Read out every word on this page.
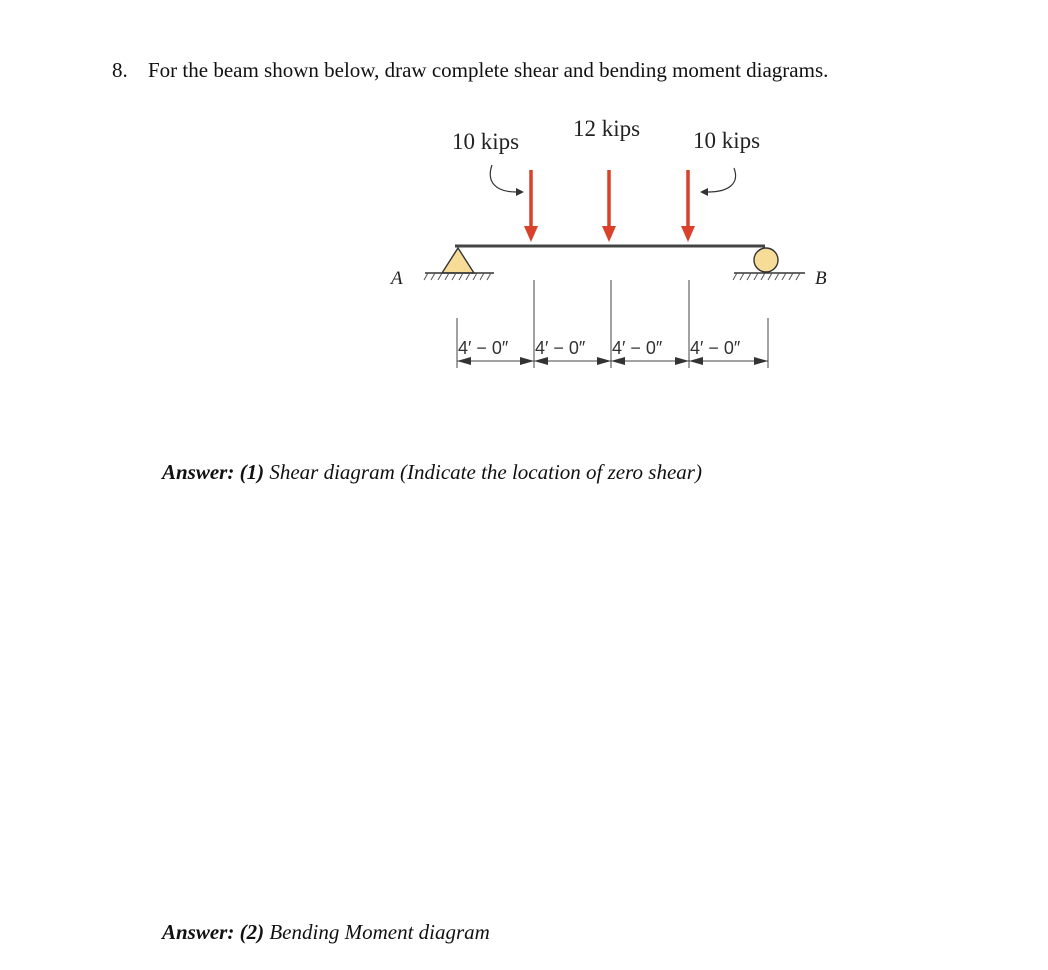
8. For the beam shown below, draw complete shear and bending moment diagrams.
A	B
10 kips
12 kips 10 kips
4′ − 0″ 4′ − 0″ 4′ − 0″ 4′ − 0″
Answer: (1) Shear diagram (Indicate the location of zero shear)
Answer: (2) Bending Moment diagram
